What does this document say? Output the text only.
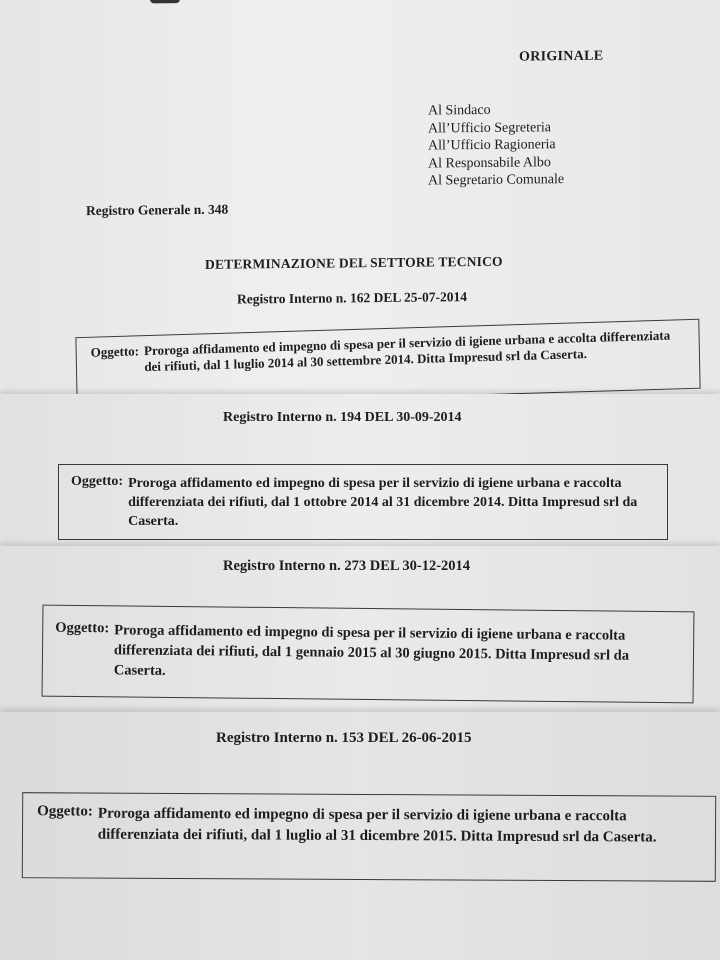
ORIGINALE
Al Sindaco
All’Ufficio Segreteria
All’Ufficio Ragioneria
Al Responsabile Albo
Al Segretario Comunale
Registro Generale n. 348
DETERMINAZIONE DEL SETTORE TECNICO
Registro Interno n. 162 DEL 25-07-2014
Oggetto: Proroga affidamento ed impegno di spesa per il servizio di igiene urbana e accolta differenziata dei rifiuti, dal 1 luglio 2014 al 30 settembre 2014. Ditta Impresud srl da Caserta.
Registro Interno n. 194 DEL 30-09-2014
Oggetto: Proroga affidamento ed impegno di spesa per il servizio di igiene urbana e raccolta differenziata dei rifiuti, dal 1 ottobre 2014 al 31 dicembre 2014. Ditta Impresud srl da Caserta.
Registro Interno n. 273 DEL 30-12-2014
Oggetto: Proroga affidamento ed impegno di spesa per il servizio di igiene urbana e raccolta differenziata dei rifiuti, dal 1 gennaio 2015 al 30 giugno 2015. Ditta Impresud srl da Caserta.
Registro Interno n. 153 DEL 26-06-2015
Oggetto: Proroga affidamento ed impegno di spesa per il servizio di igiene urbana e raccolta differenziata dei rifiuti, dal 1 luglio al 31 dicembre 2015. Ditta Impresud srl da Caserta.
